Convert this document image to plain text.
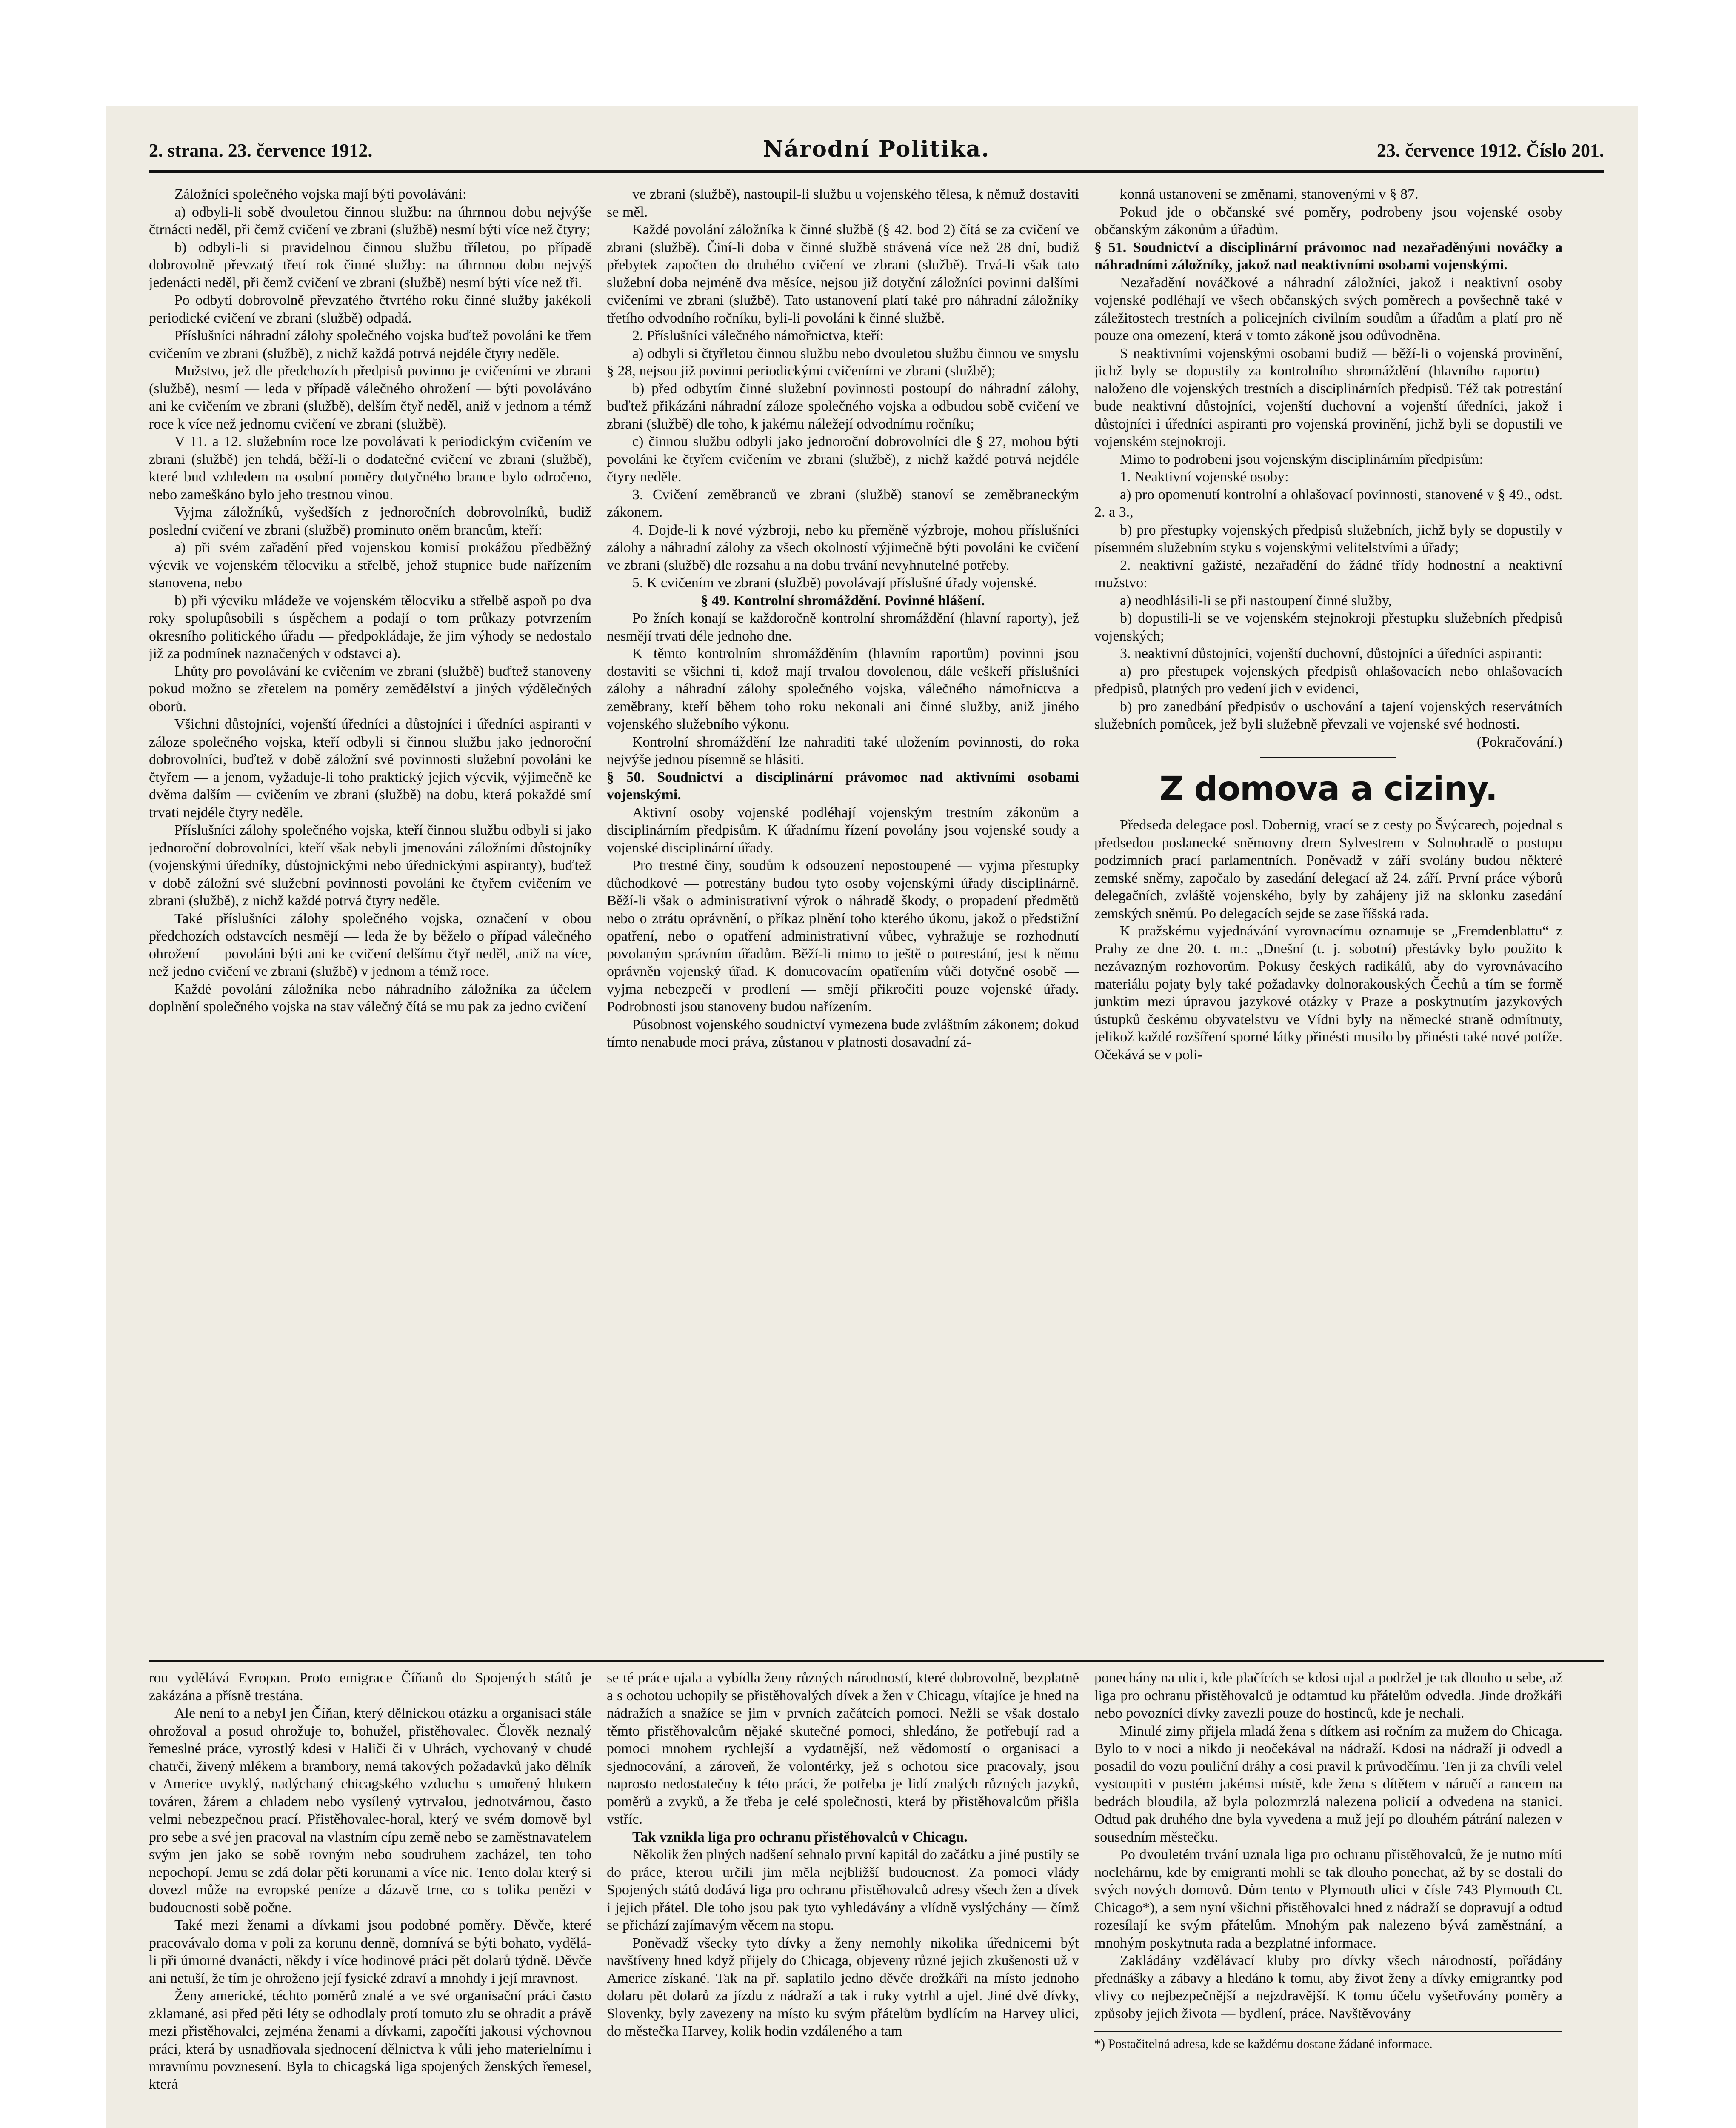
2. strana. 23. července 1912.	Národní Politika.	23. července 1912. Číslo 201.

Záložníci společného vojska mají býti povoláváni:

a) odbyli-li sobě dvouletou činnou službu: na úhrnnou dobu nejvýše čtrnácti neděl, při čemž cvičení ve zbrani (službě) nesmí býti více než čtyry;

b) odbyli-li si pravidelnou činnou službu tříletou, po případě dobrovolně převzatý třetí rok činné služby: na úhrnnou dobu nejvýš jedenácti neděl, při čemž cvičení ve zbrani (službě) nesmí býti více než tři.

Po odbytí dobrovolně převzatého čtvrtého roku činné služby jakékoli periodické cvičení ve zbrani (službě) odpadá.

Příslušníci náhradní zálohy společného vojska buďtež povoláni ke třem cvičením ve zbrani (službě), z nichž každá potrvá nejdéle čtyry neděle.

Mužstvo, jež dle předchozích předpisů povinno je cvičeními ve zbrani (službě), nesmí — leda v případě válečného ohrožení — býti povoláváno ani ke cvičením ve zbrani (službě), delším čtyř neděl, aniž v jednom a témž roce k více než jednomu cvičení ve zbrani (službě).

V 11. a 12. služebním roce lze povolávati k periodickým cvičením ve zbrani (službě) jen tehdá, běží-li o dodatečné cvičení ve zbrani (službě), které bud vzhledem na osobní poměry dotyčného brance bylo odročeno, nebo zameškáno bylo jeho trestnou vinou.

Vyjma záložníků, vyšedších z jednoročních dobrovolníků, budiž poslední cvičení ve zbrani (službě) prominuto oněm brancům, kteří:

a) při svém zařadění před vojenskou komisí prokážou předběžný výcvik ve vojenském tělocviku a střelbě, jehož stupnice bude nařízením stanovena, nebo

b) při výcviku mládeže ve vojenském tělocviku a střelbě aspoň po dva roky spolupůsobili s úspěchem a podají o tom průkazy potvrzením okresního politického úřadu — předpokládaje, že jim výhody se nedostalo již za podmínek naznačených v odstavci a).

Lhůty pro povolávání ke cvičením ve zbrani (službě) buďtež stanoveny pokud možno se zřetelem na poměry zemědělství a jiných výdělečných oborů.

Všichni důstojníci, vojenští úředníci a důstojníci i úředníci aspiranti v záloze společného vojska, kteří odbyli si činnou službu jako jednoroční dobrovolníci, buďtež v době záložní své povinnosti služební povoláni ke čtyřem — a jenom, vyžaduje-li toho praktický jejich výcvik, výjimečně ke dvěma dalším — cvičením ve zbrani (službě) na dobu, která pokaždé smí trvati nejdéle čtyry neděle.

Příslušníci zálohy společného vojska, kteří činnou službu odbyli si jako jednoroční dobrovolníci, kteří však nebyli jmenováni záložními důstojníky (vojenskými úředníky, důstojnickými nebo úřednickými aspiranty), buďtež v době záložní své služební povinnosti povoláni ke čtyřem cvičením ve zbrani (službě), z nichž každé potrvá čtyry neděle.

Také příslušníci zálohy společného vojska, označení v obou předchozích odstavcích nesmějí — leda že by běželo o případ válečného ohrožení — povoláni býti ani ke cvičení delšímu čtyř neděl, aniž na více, než jedno cvičení ve zbrani (službě) v jednom a témž roce.

Každé povolání záložníka nebo náhradního záložníka za účelem doplnění společného vojska na stav válečný čítá se mu pak za jedno cvičení

ve zbrani (službě), nastoupil-li službu u vojenského tělesa, k němuž dostaviti se měl.

Každé povolání záložníka k činné službě (§ 42. bod 2) čítá se za cvičení ve zbrani (službě). Činí-li doba v činné službě strávená více než 28 dní, budiž přebytek započten do druhého cvičení ve zbrani (službě). Trvá-li však tato služební doba nejméně dva měsíce, nejsou již dotyční záložníci povinni dalšími cvičeními ve zbrani (službě). Tato ustanovení platí také pro náhradní záložníky třetího odvodního ročníku, byli-li povoláni k činné službě.

2. Příslušníci válečného námořnictva, kteří:

a) odbyli si čtyřletou činnou službu nebo dvouletou službu činnou ve smyslu § 28, nejsou již povinni periodickými cvičeními ve zbrani (službě);

b) před odbytím činné služební povinnosti postoupí do náhradní zálohy, buďtež přikázáni náhradní záloze společného vojska a odbudou sobě cvičení ve zbrani (službě) dle toho, k jakému náležejí odvodnímu ročníku;

c) činnou službu odbyli jako jednoroční dobrovolníci dle § 27, mohou býti povoláni ke čtyřem cvičením ve zbrani (službě), z nichž každé potrvá nejdéle čtyry neděle.

3. Cvičení zeměbranců ve zbrani (službě) stanoví se zeměbraneckým zákonem.

4. Dojde-li k nové výzbroji, nebo ku přeměně výzbroje, mohou příslušníci zálohy a náhradní zálohy za všech okolností výjimečně býti povoláni ke cvičení ve zbrani (službě) dle rozsahu a na dobu trvání nevyhnutelné potřeby.

5. K cvičením ve zbrani (službě) povolávají příslušné úřady vojenské.

§ 49. Kontrolní shromáždění. Povinné hlášení.

Po žních konají se každoročně kontrolní shromáždění (hlavní raporty), jež nesmějí trvati déle jednoho dne.

K těmto kontrolním shromážděním (hlavním raportům) povinni jsou dostaviti se všichni ti, kdož mají trvalou dovolenou, dále veškeří příslušníci zálohy a náhradní zálohy společného vojska, válečného námořnictva a zeměbrany, kteří během toho roku nekonali ani činné služby, aniž jiného vojenského služebního výkonu.

Kontrolní shromáždění lze nahraditi také uložením povinnosti, do roka nejvýše jednou písemně se hlásiti.

§ 50. Soudnictví a disciplinární právomoc nad aktivními osobami vojenskými.

Aktivní osoby vojenské podléhají vojenským trestním zákonům a disciplinárním předpisům. K úřadnímu řízení povolány jsou vojenské soudy a vojenské disciplinární úřady.

Pro trestné činy, soudům k odsouzení nepostoupené — vyjma přestupky důchodkové — potrestány budou tyto osoby vojenskými úřady disciplinárně. Běží-li však o administrativní výrok o náhradě škody, o propadení předmětů nebo o ztrátu oprávnění, o příkaz plnění toho kterého úkonu, jakož o předstižní opatření, nebo o opatření administrativní vůbec, vyhražuje se rozhodnutí povolaným správním úřadům. Běží-li mimo to ještě o potrestání, jest k němu oprávněn vojenský úřad. K donucovacím opatřením vůči dotyčné osobě — vyjma nebezpečí v prodlení — smějí přikročiti pouze vojenské úřady. Podrobnosti jsou stanoveny budou nařízením.

Působnost vojenského soudnictví vymezena bude zvláštním zákonem; dokud tímto nenabude moci práva, zůstanou v platnosti dosavadní zá-

konná ustanovení se změnami, stanovenými v § 87.

Pokud jde o občanské své poměry, podrobeny jsou vojenské osoby občanským zákonům a úřadům.

§ 51. Soudnictví a disciplinární právomoc nad nezařaděnými nováčky a náhradními záložníky, jakož nad neaktivními osobami vojenskými.

Nezařadění nováčkové a náhradní záložníci, jakož i neaktivní osoby vojenské podléhají ve všech občanských svých poměrech a povšechně také v záležitostech trestních a policejních civilním soudům a úřadům a platí pro ně pouze ona omezení, která v tomto zákoně jsou odůvodněna.

S neaktivními vojenskými osobami budiž — běží-li o vojenská provinění, jichž byly se dopustily za kontrolního shromáždění (hlavního raportu) — naloženo dle vojenských trestních a disciplinárních předpisů. Též tak potrestání bude neaktivní důstojníci, vojenští duchovní a vojenští úředníci, jakož i důstojníci i úředníci aspiranti pro vojenská provinění, jichž byli se dopustili ve vojenském stejnokroji.

Mimo to podrobeni jsou vojenským disciplinárním předpisům:

1. Neaktivní vojenské osoby:

a) pro opomenutí kontrolní a ohlašovací povinnosti, stanovené v § 49., odst. 2. a 3.,

b) pro přestupky vojenských předpisů služebních, jichž byly se dopustily v písemném služebním styku s vojenskými velitelstvími a úřady;

2. neaktivní gažisté, nezařadění do žádné třídy hodnostní a neaktivní mužstvo:

a) neodhlásili-li se při nastoupení činné služby,

b) dopustili-li se ve vojenském stejnokroji přestupku služebních předpisů vojenských;

3. neaktivní důstojníci, vojenští duchovní, důstojníci a úředníci aspiranti:

a) pro přestupek vojenských předpisů ohlašovacích nebo ohlašovacích předpisů, platných pro vedení jich v evidenci,

b) pro zanedbání předpisův o uschování a tajení vojenských reservátních služebních pomůcek, jež byli služebně převzali ve vojenské své hodnosti.

(Pokračování.)

Z domova a ciziny.

Předseda delegace posl. Dobernig, vrací se z cesty po Švýcarech, pojednal s předsedou poslanecké sněmovny drem Sylvestrem v Solnohradě o postupu podzimních prací parlamentních. Poněvadž v září svolány budou některé zemské sněmy, započalo by zasedání delegací až 24. září. První práce výborů delegačních, zvláště vojenského, byly by zahájeny již na sklonku zasedání zemských sněmů. Po delegacích sejde se zase říšská rada.

K pražskému vyjednávání vyrovnacímu oznamuje se „Fremdenblattu“ z Prahy ze dne 20. t. m.: „Dnešní (t. j. sobotní) přestávky bylo použito k nezávazným rozhovorům. Pokusy českých radikálů, aby do vyrovnávacího materiálu pojaty byly také požadavky dolnorakouských Čechů a tím se formě junktim mezi úpravou jazykové otázky v Praze a poskytnutím jazykových ústupků českému obyvatelstvu ve Vídni byly na německé straně odmítnuty, jelikož každé rozšíření sporné látky přinésti musilo by přinésti také nové potíže. Očekává se v poli-

rou vydělává Evropan. Proto emigrace Číňanů do Spojených států je zakázána a přísně trestána.

Ale není to a nebyl jen Číňan, který dělnickou otázku a organisaci stále ohrožoval a posud ohrožuje to, bohužel, přistěhovalec. Člověk neznalý řemeslné práce, vyrostlý kdesi v Haliči či v Uhrách, vychovaný v chudé chatrči, živený mlékem a brambory, nemá takových požadavků jako dělník v Americe uvyklý, nadýchaný chicagského vzduchu s umořený hlukem továren, žárem a chladem nebo vysílený vytrvalou, jednotvárnou, často velmi nebezpečnou prací. Přistěhovalec-horal, který ve svém domově byl pro sebe a své jen pracoval na vlastním cípu země nebo se zaměstnavatelem svým jen jako se sobě rovným nebo soudruhem zacházel, ten toho nepochopí. Jemu se zdá dolar pěti korunami a více nic. Tento dolar který si dovezl může na evropské peníze a dázavě trne, co s tolika penězi v budoucnosti sobě počne.

Také mezi ženami a dívkami jsou podobné poměry. Děvče, které pracovávalo doma v poli za korunu denně, domnívá se býti bohato, vydělá-li při úmorné dvanácti, někdy i více hodinové práci pět dolarů týdně. Děvče ani netuší, že tím je ohroženo její fysické zdraví a mnohdy i její mravnost.

Ženy americké, téchto poměrů znalé a ve své organisační práci často zklamané, asi před pěti léty se odhodlaly protí tomuto zlu se ohradit a právě mezi přistěhovalci, zejména ženami a dívkami, započíti jakousi výchovnou práci, která by usnadňovala sjednocení dělnictva k vůli jeho materielnímu i mravnímu povznesení. Byla to chicagská liga spojených ženských řemesel, která

se té práce ujala a vybídla ženy různých národností, které dobrovolně, bezplatně a s ochotou uchopily se přistěhovalých dívek a žen v Chicagu, vítajíce je hned na nádražích a snažíce se jim v prvních začátcích pomoci. Nežli se však dostalo těmto přistěhovalcům nějaké skutečné pomoci, shledáno, že potřebují rad a pomoci mnohem rychlejší a vydatnější, než vědomostí o organisaci a sjednocování, a zároveň, že volontérky, jež s ochotou sice pracovaly, jsou naprosto nedostatečny k této práci, že potřeba je lidí znalých různých jazyků, poměrů a zvyků, a že třeba je celé společnosti, která by přistěhovalcům přišla vstříc.

Tak vznikla liga pro ochranu přistěhovalců v Chicagu.

Několik žen plných nadšení sehnalo první kapitál do začátku a jiné pustily se do práce, kterou určili jim měla nejbližší budoucnost. Za pomoci vlády Spojených států dodává liga pro ochranu přistěhovalců adresy všech žen a dívek i jejich přátel. Dle toho jsou pak tyto vyhledávány a vlídně vyslýchány — čímž se přichází zajímavým věcem na stopu.

Poněvadž všecky tyto dívky a ženy nemohly nikolika úřednicemi být navštíveny hned když přijely do Chicaga, objeveny různé jejich zkušenosti už v Americe získané. Tak na př. saplatilo jedno děvče drožkáři na místo jednoho dolaru pět dolarů za jízdu z nádraží a tak i ruky vytrhl a ujel. Jiné dvě dívky, Slovenky, byly zavezeny na místo ku svým přátelům bydlícím na Harvey ulici, do městečka Harvey, kolik hodin vzdáleného a tam

ponechány na ulici, kde plačících se kdosi ujal a podržel je tak dlouho u sebe, až liga pro ochranu přistěhovalců je odtamtud ku přátelům odvedla. Jinde drožkáři nebo povozníci dívky zavezli pouze do hostinců, kde je nechali.

Minulé zimy přijela mladá žena s dítkem asi ročním za mužem do Chicaga. Bylo to v noci a nikdo ji neočekával na nádraží. Kdosi na nádraží ji odvedl a posadil do vozu pouliční dráhy a cosi pravil k průvodčímu. Ten ji za chvíli velel vystoupiti v pustém jakémsi místě, kde žena s dítětem v náručí a rancem na bedrách bloudila, až byla polozmrzlá nalezena policií a odvedena na stanici. Odtud pak druhého dne byla vyvedena a muž její po dlouhém pátrání nalezen v sousedním městečku.

Po dvouletém trvání uznala liga pro ochranu přistěhovalců, že je nutno míti noclehárnu, kde by emigranti mohli se tak dlouho ponechat, až by se dostali do svých nových domovů. Dům tento v Plymouth ulici v čísle 743 Plymouth Ct. Chicago*), a sem nyní všichni přistěhovalci hned z nádraží se dopravují a odtud rozesílají ke svým přátelům. Mnohým pak nalezeno bývá zaměstnání, a mnohým poskytnuta rada a bezplatné informace.

Zakládány vzdělávací kluby pro dívky všech národností, pořádány přednášky a zábavy a hledáno k tomu, aby život ženy a dívky emigrantky pod vlivy co nejbezpečnější a nejzdravější. K tomu účelu vyšetřovány poměry a způsoby jejich života — bydlení, práce. Navštěvovány

*) Postačitelná adresa, kde se každému dostane žádané informace.
